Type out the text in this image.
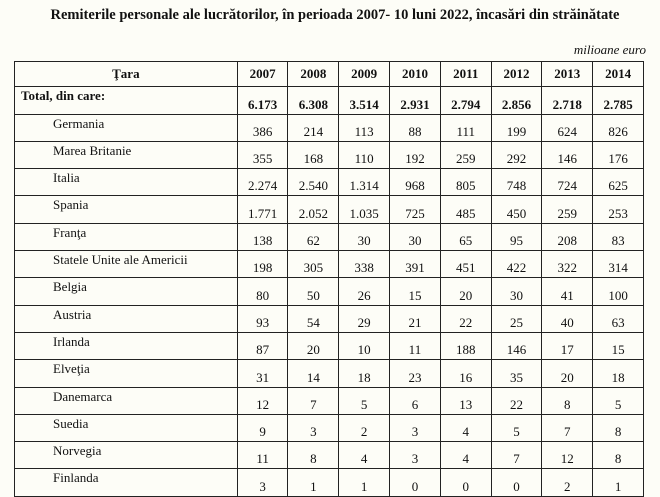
Remiterile personale ale lucrătorilor, în perioada 2007- 10 luni 2022, încasări din străinătate
milioane euro
Ţara	2007	2008	2009	2010	2011	2012	2013	2014
Total, din care:	6.173	6.308	3.514	2.931	2.794	2.856	2.718	2.785
Germania	386	214	113	88	111	199	624	826
Marea Britanie	355	168	110	192	259	292	146	176
Italia	2.274	2.540	1.314	968	805	748	724	625
Spania	1.771	2.052	1.035	725	485	450	259	253
Franţa	138	62	30	30	65	95	208	83
Statele Unite ale Americii	198	305	338	391	451	422	322	314
Belgia	80	50	26	15	20	30	41	100
Austria	93	54	29	21	22	25	40	63
Irlanda	87	20	10	11	188	146	17	15
Elveţia	31	14	18	23	16	35	20	18
Danemarca	12	7	5	6	13	22	8	5
Suedia	9	3	2	3	4	5	7	8
Norvegia	11	8	4	3	4	7	12	8
Finlanda	3	1	1	0	0	0	2	1
